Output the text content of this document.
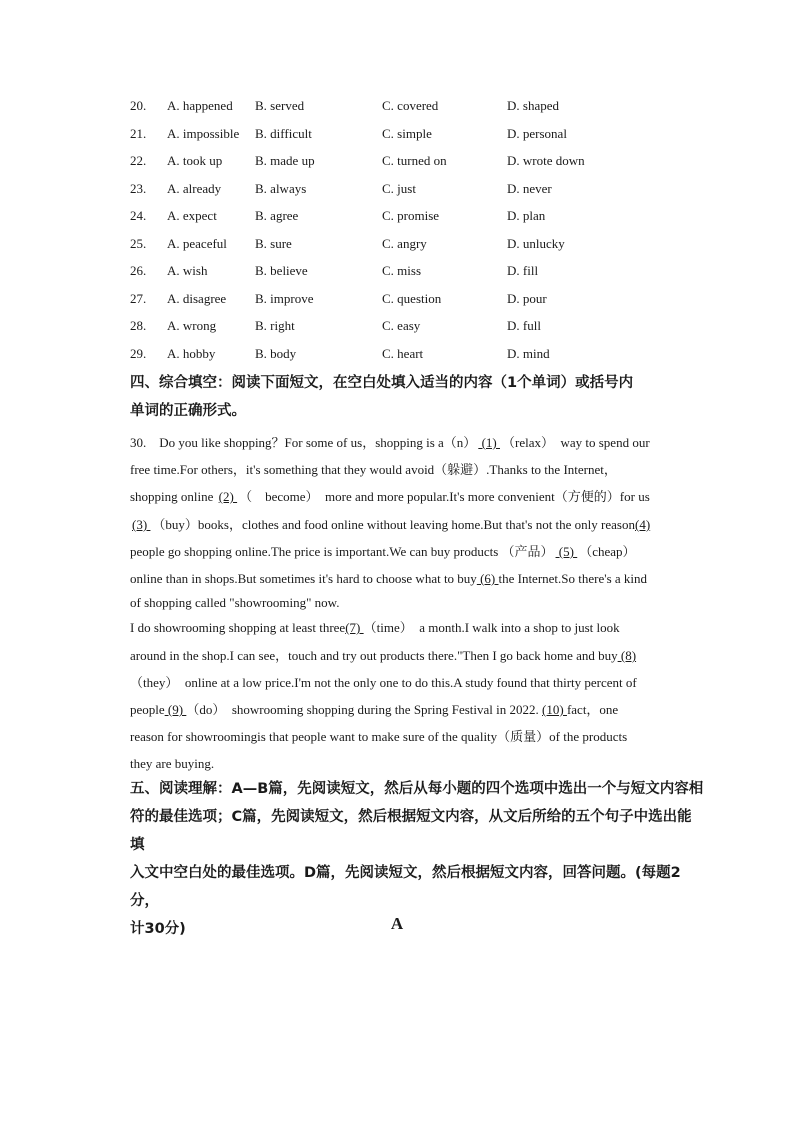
20. A. happened B. served	C. covered	D. shaped
21. A. impossible B. difficult	C. simple	D. personal
22. A. took up	B. made up	C. turned on	D. wrote down
23. A. already	B. always	C. just	D. never
24. A. expect	B. agree	C. promise	D. plan
25. A. peaceful B. sure	C. angry	D. unlucky
26. A. wish	B. believe	C. miss	D. fill
27. A. disagree B. improve	C. question	D. pour
28. A. wrong	B. right	C. easy	D. full
29. A. hobby	B. body	C. heart	D. mind
四、综合填空：阅读下面短文，在空白处填入适当的内容（1个单词）或括号内
单词的正确形式。
30.　Do you like shopping？For some of us，shopping is a（n） (1) （relax）　way to spend our
free time.For others，it's something that they would avoid（躲避）.Thanks to the Internet，
shopping online (2) （　become）　more and more popular.It's more convenient（方便的）for us
(3) （buy）books，clothes and food online without leaving home.But that's not the only reason(4)
people go shopping online.The price is important.We can buy products （产品） (5) （cheap）
online than in shops.But sometimes it's hard to choose what to buy (6) the Internet.So there's a kind
of shopping called "showrooming" now.
I do showrooming shopping at least three(7) （time）　a month.I walk into a shop to just look
around in the shop.I can see，touch and try out products there."Then I go back home and buy (8)
（they）　online at a low price.I'm not the only one to do this.A study found that thirty percent of
people (9) （do）　showrooming shopping during the Spring Festival in 2022. (10) fact，one
reason for showroomingis that people want to make sure of the quality（质量）of the products
they are buying.
五、阅读理解：A—B篇，先阅读短文，然后从每小题的四个选项中选出一个与短文内容相
符的最佳选项；C篇，先阅读短文，然后根据短文内容，从文后所给的五个句子中选出能填
入文中空白处的最佳选项。D篇，先阅读短文，然后根据短文内容，回答问题。(每题2分，
计30分)	A
